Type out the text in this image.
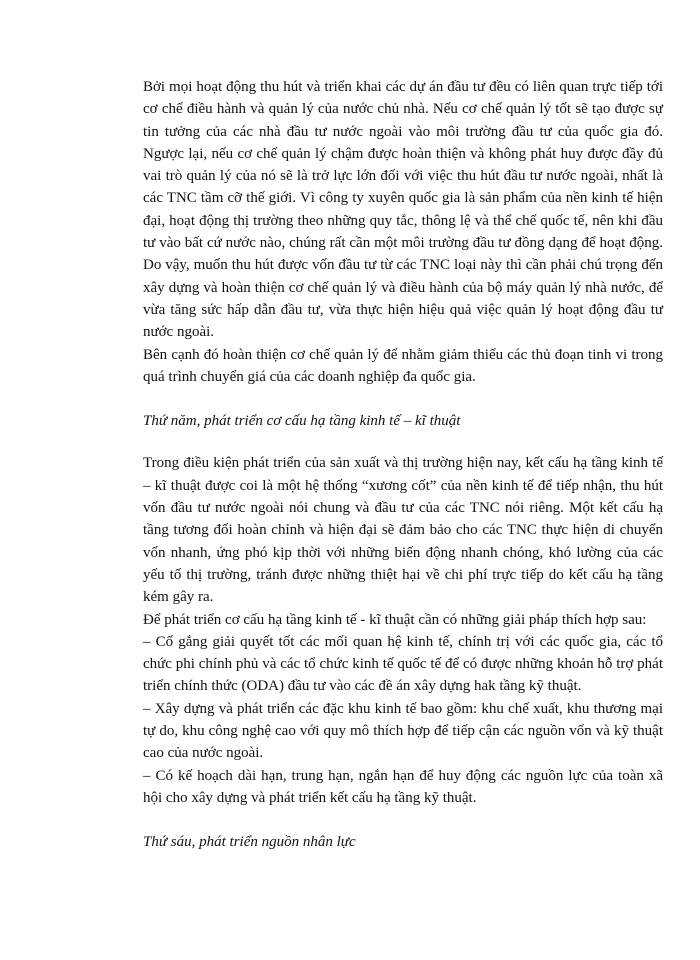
Bởi mọi hoạt động thu hút và triển khai các dự án đầu tư đều có liên quan trực tiếp tới cơ chế điều hành và quản lý của nước chủ nhà. Nếu cơ chế quản lý tốt sẽ tạo được sự tin tưởng của các nhà đầu tư nước ngoài vào môi trường đầu tư của quốc gia đó. Ngược lại, nếu cơ chế quản lý chậm được hoàn thiện và không phát huy được đầy đủ vai trò quản lý của nó sẽ là trở lực lớn đối với việc thu hút đầu tư nước ngoài, nhất là các TNC tầm cỡ thế giới. Vì công ty xuyên quốc gia là sản phẩm của nền kinh tế hiện đại, hoạt động thị trường theo những quy tắc, thông lệ và thể chế quốc tế, nên khi đầu tư vào bất cứ nước nào, chúng rất cần một môi trường đầu tư đồng dạng để hoạt động. Do vậy, muốn thu hút được vốn đầu tư từ các TNC loại này thì cần phải chú trọng đến xây dựng và hoàn thiện cơ chế quản lý và điều hành của bộ máy quản lý nhà nước, để vừa tăng sức hấp dẫn đầu tư, vừa thực hiện hiệu quả việc quản lý hoạt động đầu tư nước ngoài.

Bên cạnh đó hoàn thiện cơ chế quản lý để nhằm giảm thiểu các thủ đoạn tinh vi trong quá trình chuyển giá của các doanh nghiệp đa quốc gia.

Thứ năm, phát triển cơ cấu hạ tầng kinh tế – kĩ thuật

Trong điều kiện phát triển của sản xuất và thị trường hiện nay, kết cấu hạ tầng kinh tế – kĩ thuật được coi là một hệ thống “xương cốt” của nền kinh tế để tiếp nhận, thu hút vốn đầu tư nước ngoài nói chung và đầu tư của các TNC nói riêng. Một kết cấu hạ tầng tương đối hoàn chỉnh và hiện đại sẽ đảm bảo cho các TNC thực hiện di chuyển vốn nhanh, ứng phó kịp thời với những biến động nhanh chóng, khó lường của các yếu tố thị trường, tránh được những thiệt hại về chi phí trực tiếp do kết cấu hạ tầng kém gây ra.

Để phát triển cơ cấu hạ tầng kinh tế - kĩ thuật cần có những giải pháp thích hợp sau:

– Cố gắng giải quyết tốt các mối quan hệ kinh tế, chính trị với các quốc gia, các tổ chức phi chính phủ và các tổ chức kinh tế quốc tế để có được những khoản hỗ trợ phát triển chính thức (ODA) đầu tư vào các đề án xây dựng hak tầng kỹ thuật.

– Xây dựng và phát triển các đặc khu kinh tế bao gồm: khu chế xuất, khu thương mại tự do, khu công nghệ cao với quy mô thích hợp để tiếp cận các nguồn vốn và kỹ thuật cao của nước ngoài.

– Có kế hoạch dài hạn, trung hạn, ngắn hạn để huy động các nguồn lực của toàn xã hội cho xây dựng và phát triển kết cấu hạ tầng kỹ thuật.

Thứ sáu, phát triển nguồn nhân lực
